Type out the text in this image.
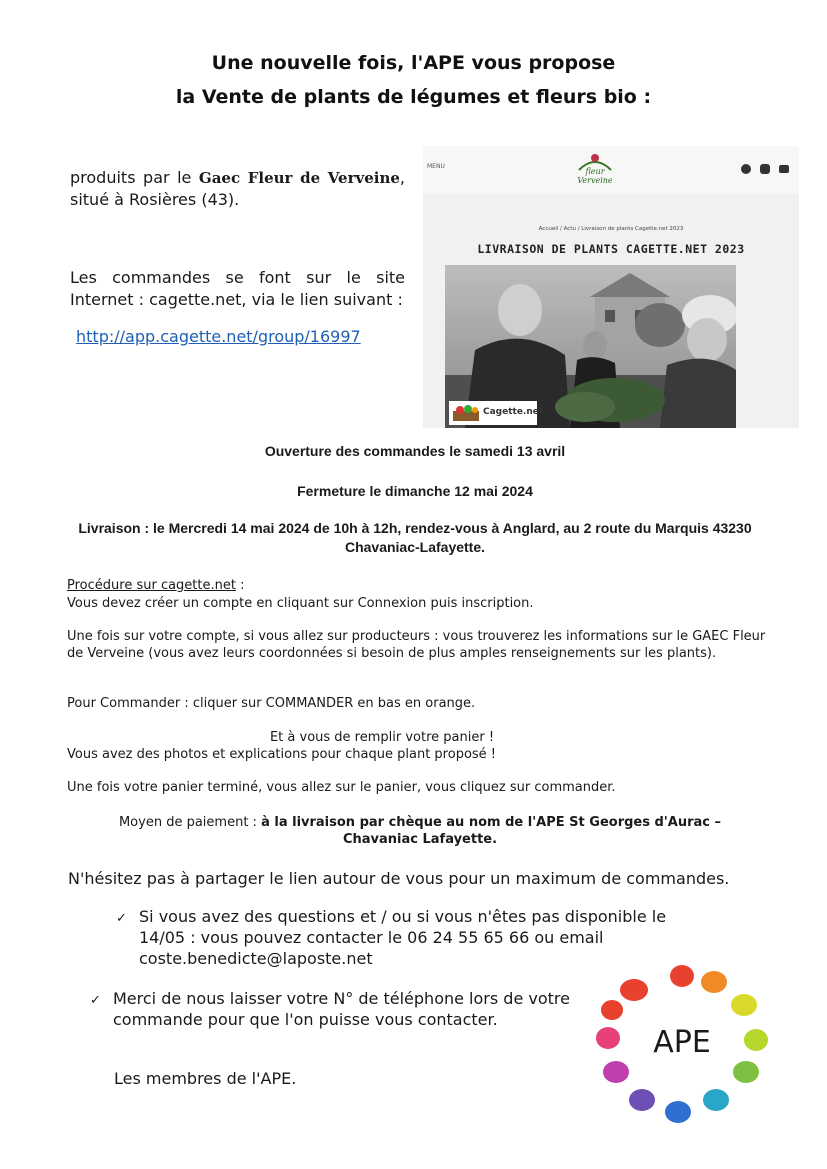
Une nouvelle fois, l'APE vous propose
la Vente de plants de légumes et fleurs bio :
produits par le Gaec Fleur de Verveine, situé à Rosières (43).
Les commandes se font sur le site Internet : cagette.net, via le lien suivant :
http://app.cagette.net/group/16997
MENU
fleur
Verveine
Accueil / Actu / Livraison de plants Cagette.net 2023
LIVRAISON DE PLANTS CAGETTE.NET 2023
Cagette.net
Ouverture des commandes le samedi 13 avril
Fermeture le dimanche 12 mai 2024
Livraison : le Mercredi 14 mai 2024 de 10h à 12h, rendez-vous à Anglard, au 2 route du Marquis 43230 Chavaniac-Lafayette.
Procédure sur cagette.net :
Vous devez créer un compte en cliquant sur Connexion puis inscription.
Une fois sur votre compte, si vous allez sur producteurs : vous trouverez les informations sur le GAEC Fleur de Verveine (vous avez leurs coordonnées si besoin de plus amples renseignements sur les plants).
Pour Commander : cliquer sur COMMANDER en bas en orange.
Et à vous de remplir votre panier !
Vous avez des photos et explications pour chaque plant proposé !
Une fois votre panier terminé, vous allez sur le panier, vous cliquez sur commander.
Moyen de paiement : à la livraison par chèque au nom de l'APE St Georges d'Aurac – Chavaniac Lafayette.
N'hésitez pas à partager le lien autour de vous pour un maximum de commandes.
✓ Si vous avez des questions et / ou si vous n'êtes pas disponible le 14/05 : vous pouvez contacter le 06 24 55 65 66 ou email coste.benedicte@laposte.net
✓ Merci de nous laisser votre N° de téléphone lors de votre commande pour que l'on puisse vous contacter.
Les membres de l'APE.
APE
